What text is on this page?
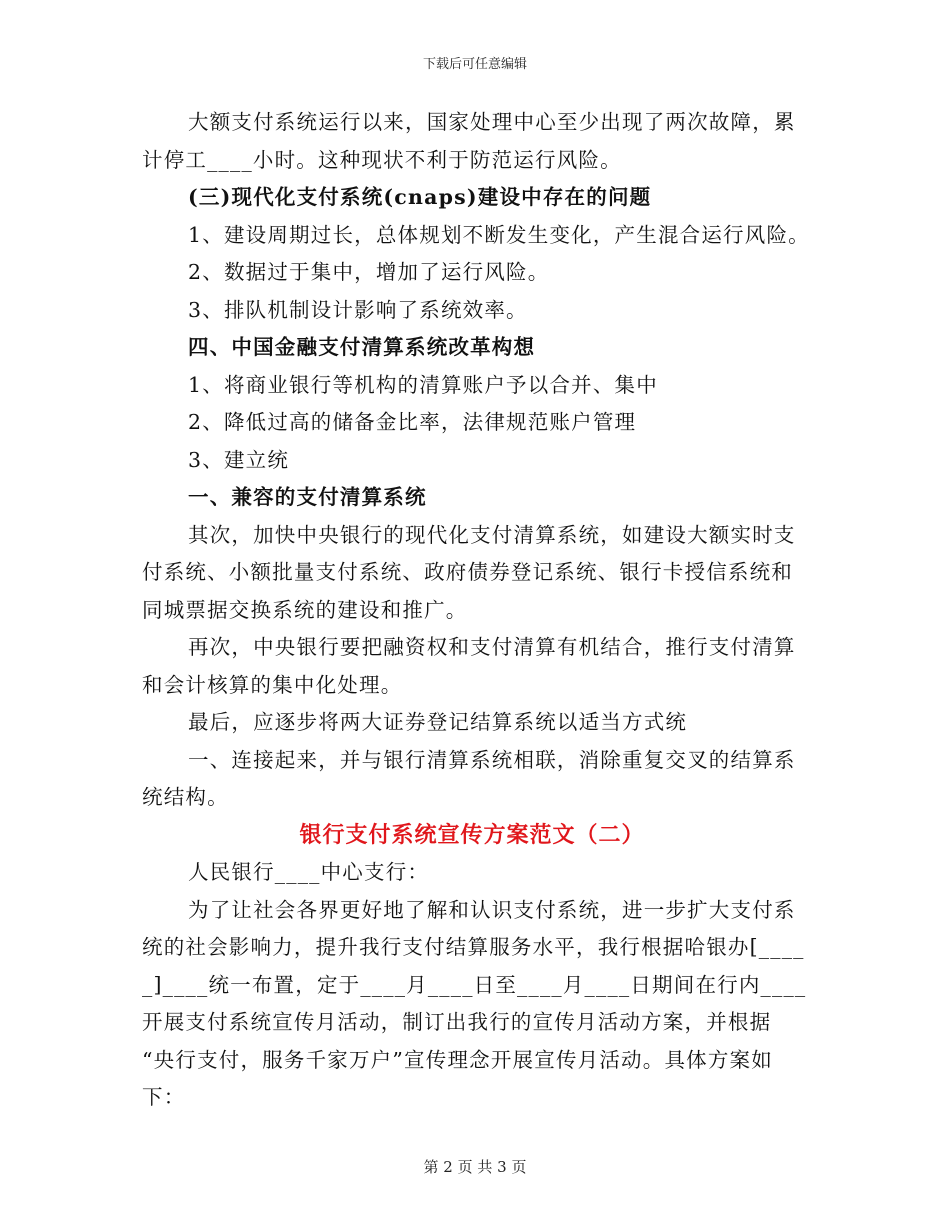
下载后可任意编辑
大额支付系统运行以来，国家处理中心至少出现了两次故障，累
计停工____小时。这种现状不利于防范运行风险。
(三)现代化支付系统(cnaps)建设中存在的问题
1、建设周期过长，总体规划不断发生变化，产生混合运行风险。
2、数据过于集中，增加了运行风险。
3、排队机制设计影响了系统效率。
四、中国金融支付清算系统改革构想
1、将商业银行等机构的清算账户予以合并、集中
2、降低过高的储备金比率，法律规范账户管理
3、建立统
一、兼容的支付清算系统
其次，加快中央银行的现代化支付清算系统，如建设大额实时支
付系统、小额批量支付系统、政府债券登记系统、银行卡授信系统和
同城票据交换系统的建设和推广。
再次，中央银行要把融资权和支付清算有机结合，推行支付清算
和会计核算的集中化处理。
最后，应逐步将两大证券登记结算系统以适当方式统
一、连接起来，并与银行清算系统相联，消除重复交叉的结算系
统结构。
银行支付系统宣传方案范文（二）
人民银行____中心支行：
为了让社会各界更好地了解和认识支付系统，进一步扩大支付系
统的社会影响力，提升我行支付结算服务水平，我行根据哈银办[____
_]____统一布置，定于____月____日至____月____日期间在行内____
开展支付系统宣传月活动，制订出我行的宣传月活动方案，并根据
“央行支付，服务千家万户”宣传理念开展宣传月活动。具体方案如
下：
第 2 页 共 3 页
